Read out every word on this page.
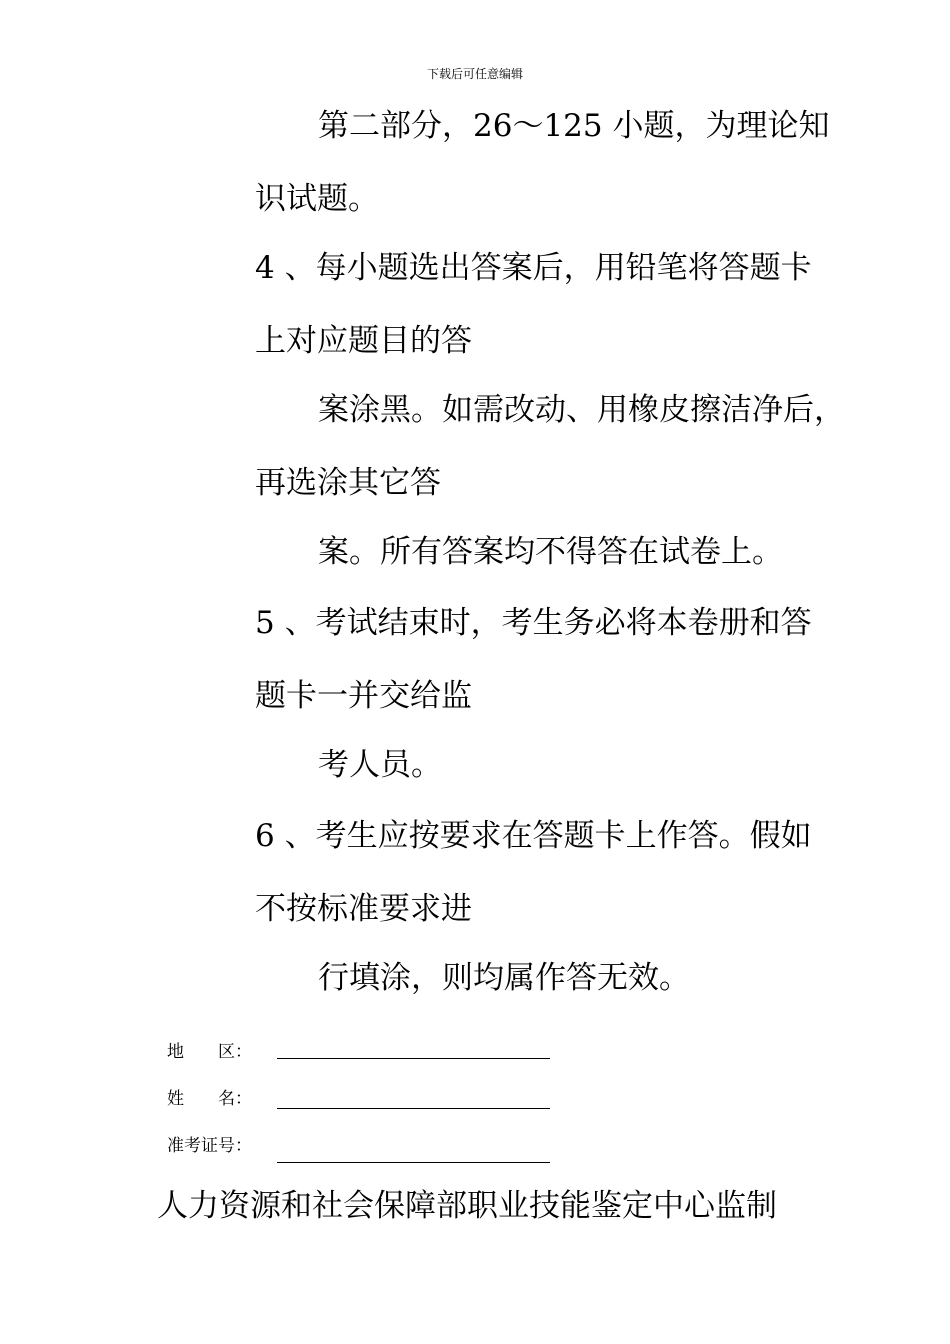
下载后可任意编辑
第二部分，26～125 小题，为理论知
识试题。
4 、每小题选出答案后，用铅笔将答题卡
上对应题目的答
案涂黑。如需改动、用橡皮擦洁净后，
再选涂其它答
案。所有答案均不得答在试卷上。
5 、考试结束时，考生务必将本卷册和答
题卡一并交给监
考人员。
6 、考生应按要求在答题卡上作答。假如
不按标准要求进
行填涂，则均属作答无效。
地　　区：
姓　　名：
准考证号：
人力资源和社会保障部职业技能鉴定中心监制
